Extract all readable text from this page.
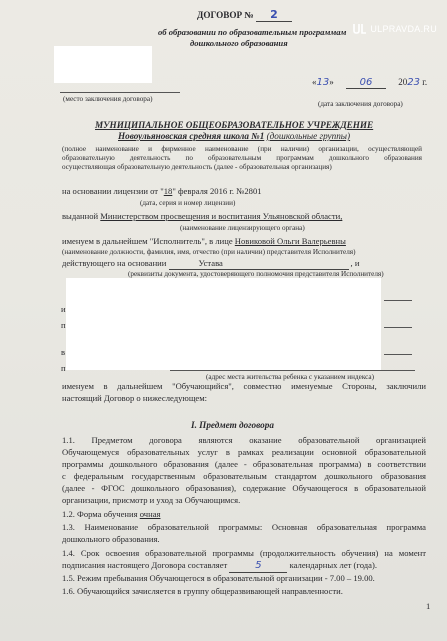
ULPRAVDA.RU
ДОГОВОР № 2
об образовании по образовательным программам
дошкольного образования
(место заключения договора)
«13»	06	2023 г.
(дата заключения договора)
МУНИЦИПАЛЬНОЕ ОБЩЕОБРАЗОВАТЕЛЬНОЕ УЧРЕЖДЕНИЕ
Новоульяновская средняя школа №1 (дошкольные группы)
(полное наименование и фирменное наименование (при наличии) организации, осуществляющей
образовательную деятельность по образовательным программам дошкольного образования
осуществляющая образовательную деятельность (далее - образовательная организация)
на основании лицензии от "18" февраля 2016 г. №2801
(дата, серия и номер лицензии)
выданной Министерством просвещения и воспитания Ульяновской области,
(наименование лицензирующего органа)
именуем в дальнейшем "Исполнитель", в лице Новиковой Ольги Валерьевны
(наименование должности, фамилия, имя, отчество (при наличии) представителя Исполнителя)
действующего на основании	Устава	, и
(реквизиты документа, удостоверяющего полномочия представителя Исполнителя)
и
п
в
п
(адрес места жительства ребенка с указанием индекса)
именуем в дальнейшем "Обучающийся", совместно именуемые Стороны, заключили
настоящий Договор о нижеследующем:
I. Предмет договора
1.1. Предметом договора являются оказание образовательной организацией
Обучающемуся образовательных услуг в рамках реализации основной образовательной
программы дошкольного образования (далее - образовательная программа) в соответствии
с федеральным государственным образовательным стандартом дошкольного образования
(далее - ФГОС дошкольного образования), содержание Обучающегося в образовательной
организации, присмотр и уход за Обучающимся.
1.2. Форма обучения очная
1.3. Наименование образовательной программы: Основная образовательная программа
дошкольного образования.
1.4. Срок освоения образовательной программы (продолжительность обучения) на момент
подписания настоящего Договора составляет	5	календарных лет (года).
1.5. Режим пребывания Обучающегося в образовательной организации - 7.00 – 19.00.
1.6. Обучающийся зачисляется в группу общеразвивающей направленности.
1
